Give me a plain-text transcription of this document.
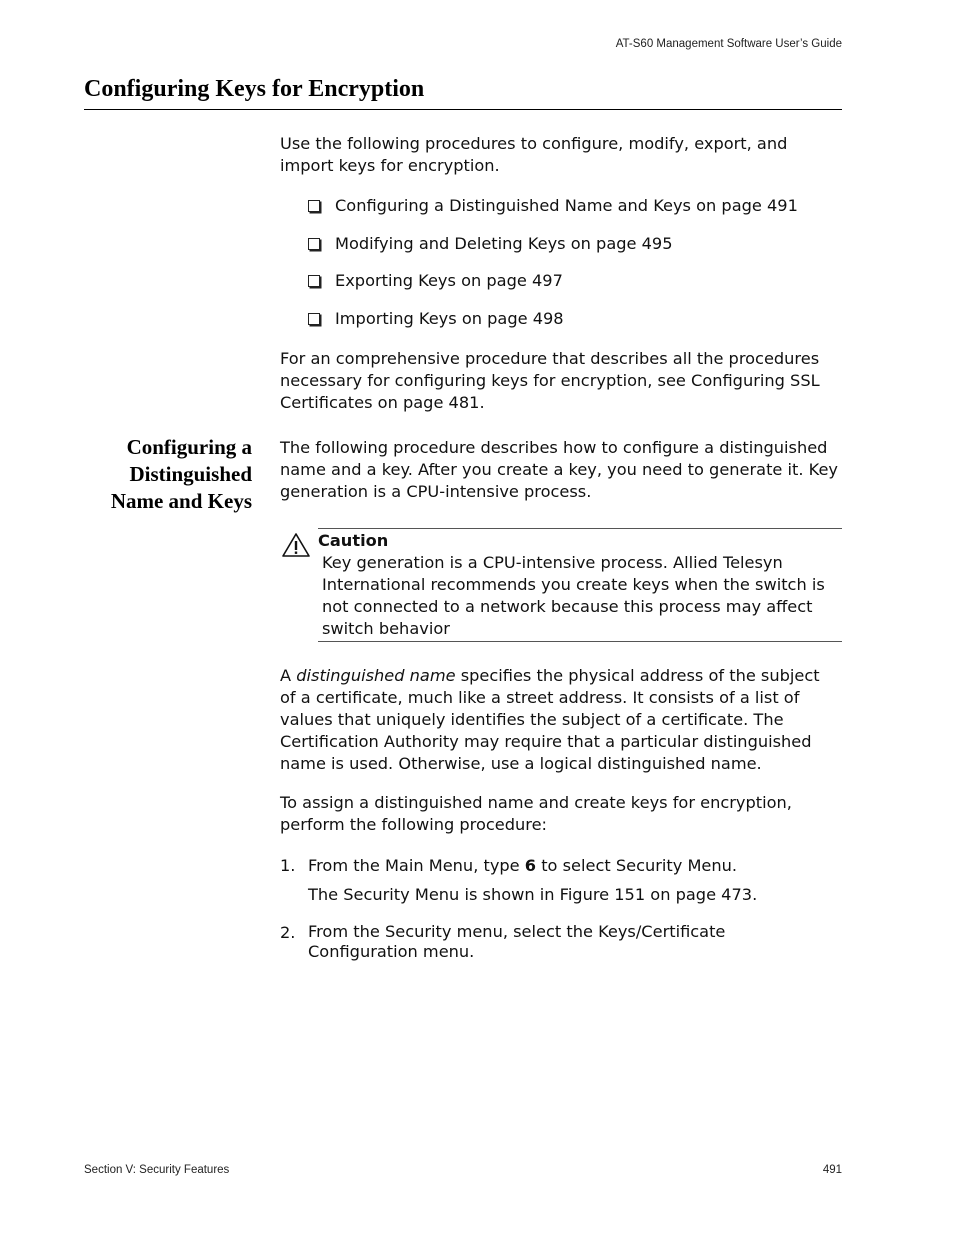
AT-S60 Management Software User’s Guide
Configuring Keys for Encryption

Use the following procedures to configure, modify, export, and import keys for encryption.

Configuring a Distinguished Name and Keys on page 491
Modifying and Deleting Keys on page 495
Exporting Keys on page 497
Importing Keys on page 498

For an comprehensive procedure that describes all the procedures necessary for configuring keys for encryption, see Configuring SSL Certificates on page 481.

Configuring a
Distinguished
Name and Keys

The following procedure describes how to configure a distinguished name and a key. After you create a key, you need to generate it. Key generation is a CPU-intensive process.

Caution

Key generation is a CPU-intensive process. Allied Telesyn International recommends you create keys when the switch is not connected to a network because this process may affect switch behavior

A distinguished name specifies the physical address of the subject of a certificate, much like a street address. It consists of a list of values that uniquely identifies the subject of a certificate. The Certification Authority may require that a particular distinguished name is used. Otherwise, use a logical distinguished name.

To assign a distinguished name and create keys for encryption, perform the following procedure:

1. From the Main Menu, type 6 to select Security Menu.

The Security Menu is shown in Figure 151 on page 473.

2. From the Security menu, select the Keys/Certificate Configuration menu.

Section V: Security Features	491
